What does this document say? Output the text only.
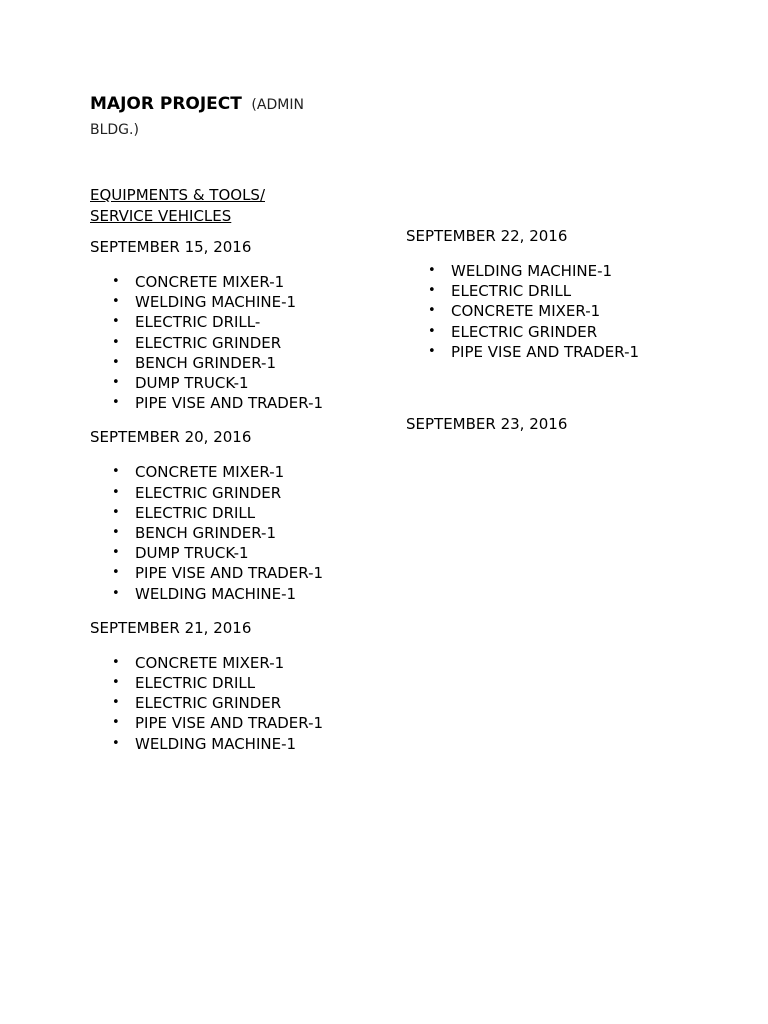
MAJOR PROJECT (ADMIN
BLDG.)
EQUIPMENTS & TOOLS/
SERVICE VEHICLES

SEPTEMBER 15, 2016

• CONCRETE MIXER-1
• WELDING MACHINE-1
• ELECTRIC DRILL-
• ELECTRIC GRINDER
• BENCH GRINDER-1
• DUMP TRUCK-1
• PIPE VISE AND TRADER-1

SEPTEMBER 20, 2016

• CONCRETE MIXER-1
• ELECTRIC GRINDER
• ELECTRIC DRILL
• BENCH GRINDER-1
• DUMP TRUCK-1
• PIPE VISE AND TRADER-1
• WELDING MACHINE-1

SEPTEMBER 21, 2016

• CONCRETE MIXER-1
• ELECTRIC DRILL
• ELECTRIC GRINDER
• PIPE VISE AND TRADER-1
• WELDING MACHINE-1

SEPTEMBER 22, 2016

• WELDING MACHINE-1
• ELECTRIC DRILL
• CONCRETE MIXER-1
• ELECTRIC GRINDER
• PIPE VISE AND TRADER-1

SEPTEMBER 23, 2016
